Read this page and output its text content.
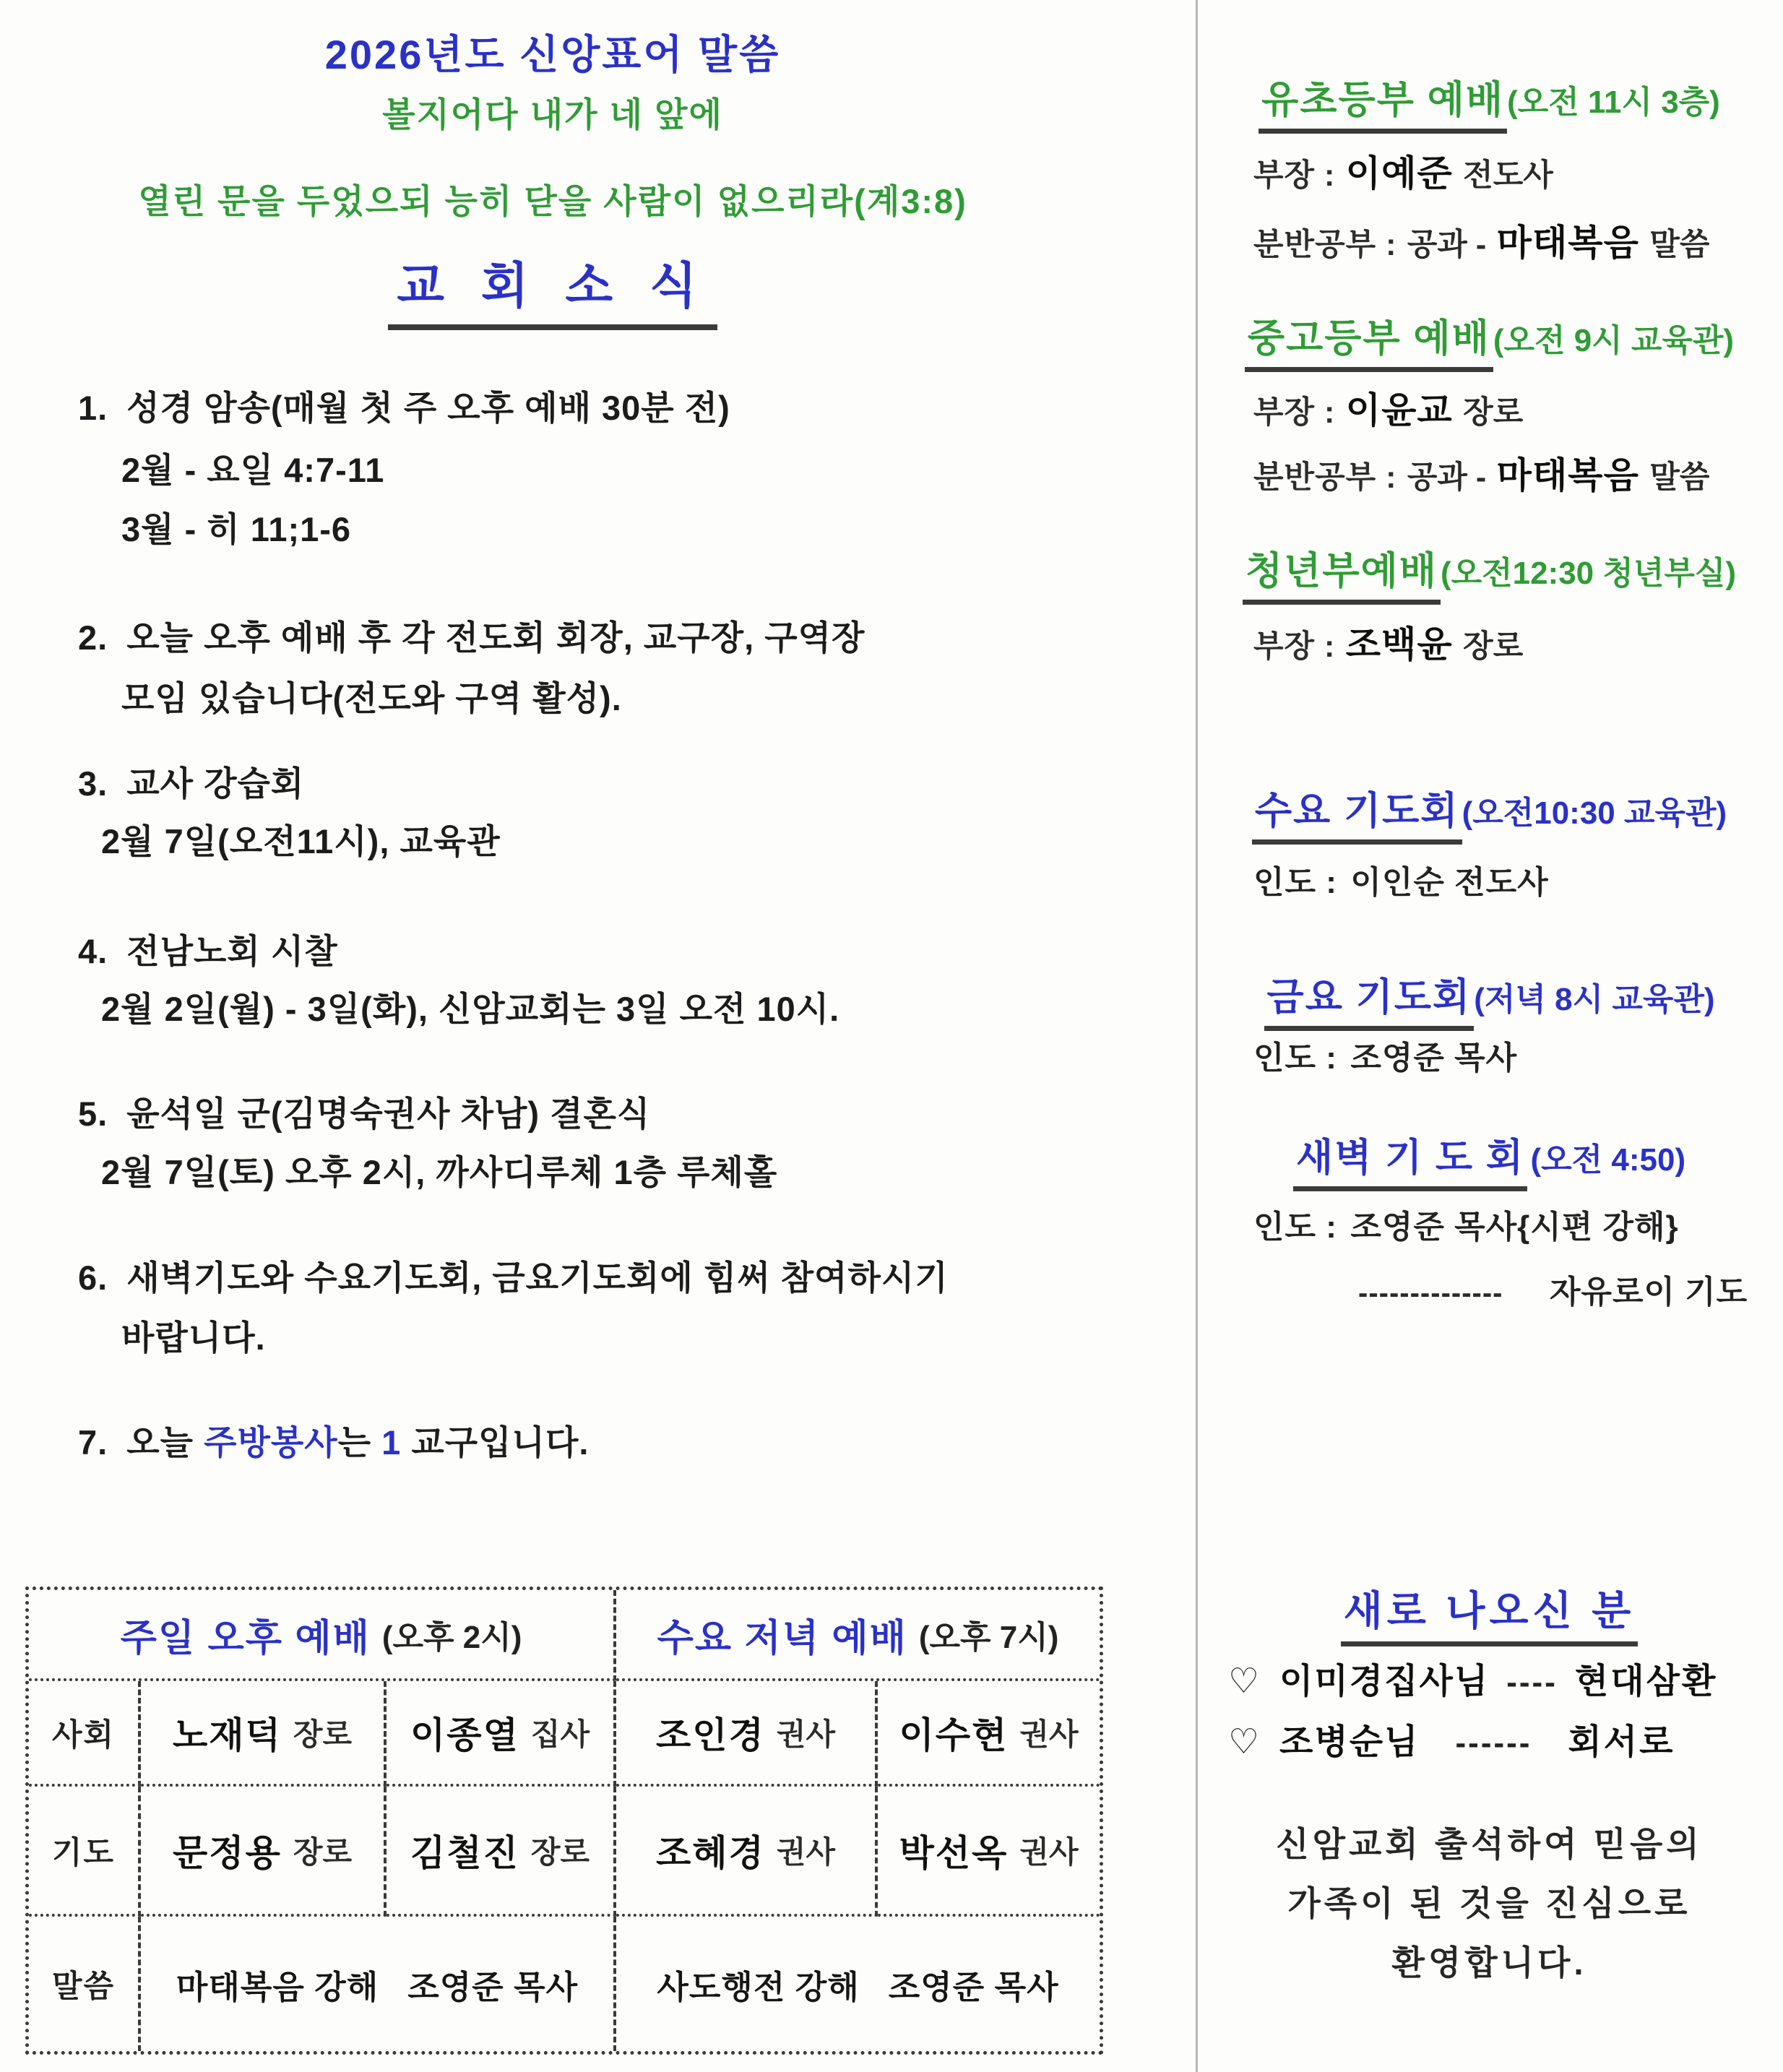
2026년도 신앙표어 말씀
볼지어다 내가 네 앞에
열린 문을 두었으되 능히 닫을 사람이 없으리라(계3:8)
교 회 소 식
1. 성경 암송(매월 첫 주 오후 예배 30분 전)
2월 - 요일 4:7-11
3월 - 히 11;1-6
2. 오늘 오후 예배 후 각 전도회 회장, 교구장, 구역장
모임 있습니다(전도와 구역 활성).
3. 교사 강습회
2월 7일(오전11시), 교육관
4. 전남노회 시찰
2월 2일(월) - 3일(화), 신암교회는 3일 오전 10시.
5. 윤석일 군(김명숙권사 차남) 결혼식
2월 7일(토) 오후 2시, 까사디루체 1층 루체홀
6. 새벽기도와 수요기도회, 금요기도회에 힘써 참여하시기
바랍니다.
7. 오늘 주방봉사는 1 교구입니다.
주일 오후 예배 (오후 2시)	수요 저녁 예배 (오후 7시)
사회 노재덕 장로 이종열 집사 조인경 권사 이수현 권사
기도 문정용 장로 김철진 장로 조혜경 권사 박선옥 권사
말씀 마태복음 강해 조영준 목사 사도행전 강해 조영준 목사
유초등부 예배(오전 11시 3층)
부장 : 이예준 전도사
분반공부 : 공과 - 마태복음 말씀
중고등부 예배(오전 9시 교육관)
부장 : 이윤교 장로
분반공부 : 공과 - 마태복음 말씀
청년부예배(오전12:30 청년부실)
부장 : 조백윤 장로
수요 기도회(오전10:30 교육관)
인도 : 이인순 전도사
금요 기도회(저녁 8시 교육관)
인도 : 조영준 목사
새벽 기 도 회 (오전 4:50)
인도 : 조영준 목사{시편 강해}
-------------- 자유로이 기도
새로 나오신 분
♡ 이미경집사님 ---- 현대삼환
♡ 조병순님 ------ 회서로
신암교회 출석하여 믿음의
가족이 된 것을 진심으로
환영합니다.
